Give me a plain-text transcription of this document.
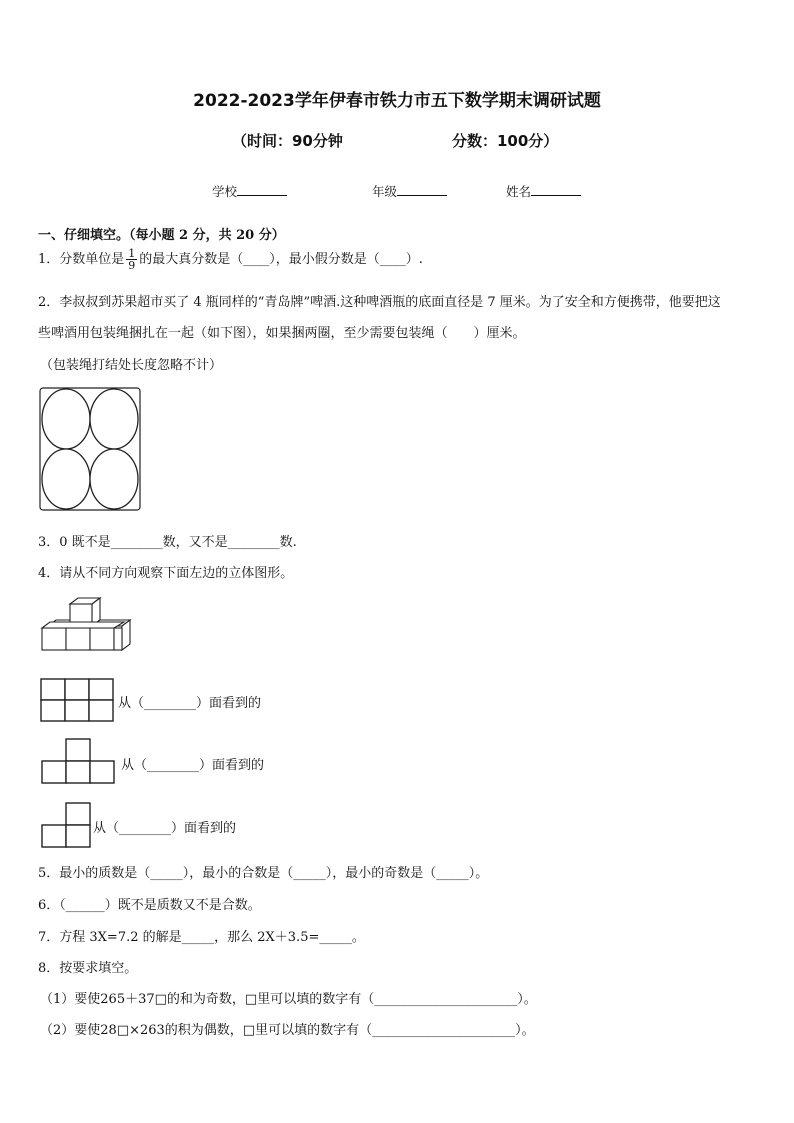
2022-2023学年伊春市铁力市五下数学期末调研试题
（时间：90分钟	分数：100分）
学校	年级	姓名
一、仔细填空。（每小题 2 分，共 20 分）
1．分数单位是 $\frac{1}{9}$ 的最大真分数是（____），最小假分数是（____）.
2．李叔叔到苏果超市买了 4 瓶同样的“青岛牌”啤酒.这种啤酒瓶的底面直径是 7 厘米。为了安全和方便携带，他要把这
些啤酒用包装绳捆扎在一起（如下图），如果捆两圈，至少需要包装绳（　　）厘米。
（包装绳打结处长度忽略不计）
3．0 既不是________数，又不是________数.
4．请从不同方向观察下面左边的立体图形。
从（________）面看到的
从（________）面看到的
从（________）面看到的
5．最小的质数是（_____），最小的合数是（_____），最小的奇数是（_____）。
6．（______）既不是质数又不是合数。
7．方程 3X=7.2 的解是_____，那么 2X＋3.5=_____。
8．按要求填空。
（1）要使265＋37□的和为奇数，□里可以填的数字有（______________________）。
（2）要使28□×263的积为偶数，□里可以填的数字有（______________________）。
